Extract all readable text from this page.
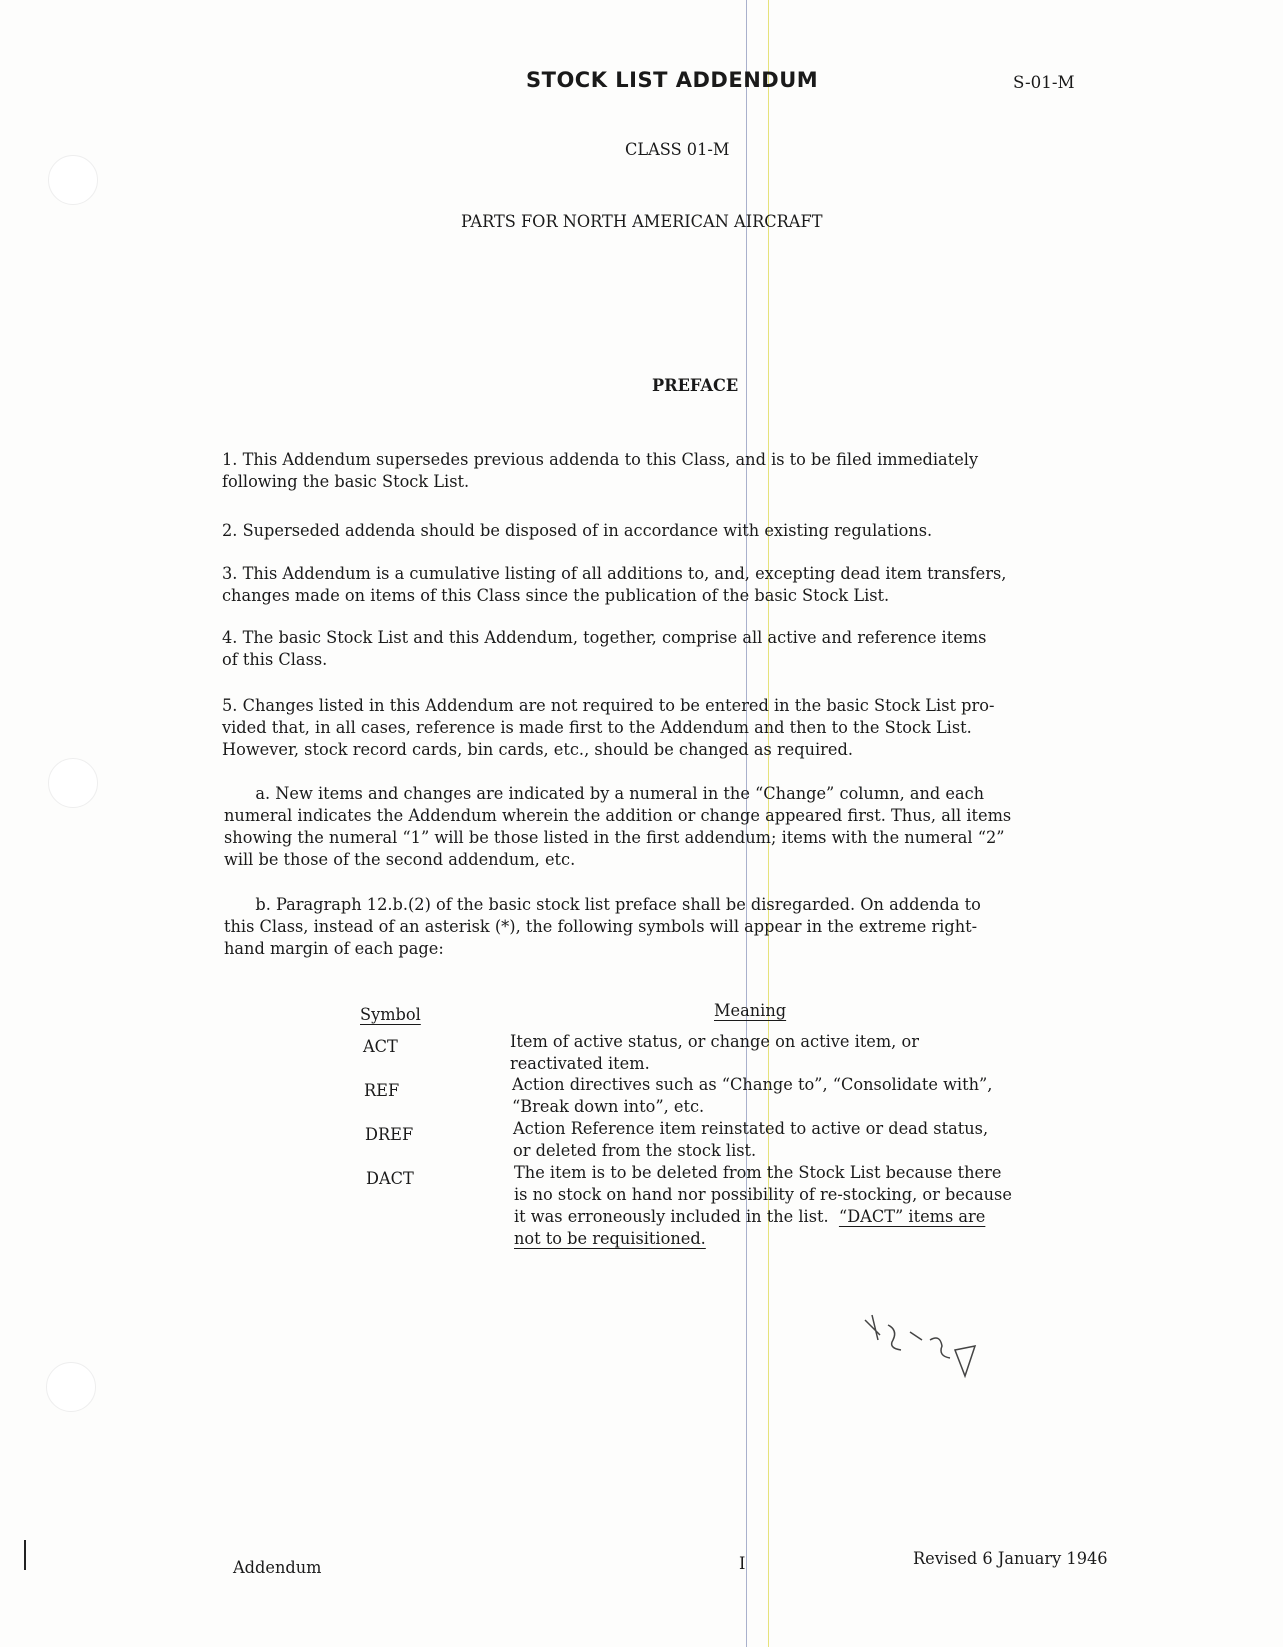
STOCK LIST ADDENDUM	S-01-M
CLASS 01-M
PARTS FOR NORTH AMERICAN AIRCRAFT
PREFACE
1. This Addendum supersedes previous addenda to this Class, and is to be filed immediately
following the basic Stock List.
2. Superseded addenda should be disposed of in accordance with existing regulations.
3. This Addendum is a cumulative listing of all additions to, and, excepting dead item transfers,
changes made on items of this Class since the publication of the basic Stock List.
4. The basic Stock List and this Addendum, together, comprise all active and reference items
of this Class.
5. Changes listed in this Addendum are not required to be entered in the basic Stock List pro-
vided that, in all cases, reference is made first to the Addendum and then to the Stock List.
However, stock record cards, bin cards, etc., should be changed as required.
a. New items and changes are indicated by a numeral in the “Change” column, and each
numeral indicates the Addendum wherein the addition or change appeared first. Thus, all items
showing the numeral “1” will be those listed in the first addendum; items with the numeral “2”
will be those of the second addendum, etc.
b. Paragraph 12.b.(2) of the basic stock list preface shall be disregarded. On addenda to
this Class, instead of an asterisk (*), the following symbols will appear in the extreme right-
hand margin of each page:
Symbol	Meaning
ACT	Item of active status, or change on active item, or
reactivated item.
REF	Action directives such as “Change to”, “Consolidate with”,
“Break down into”, etc.
DREF	Action Reference item reinstated to active or dead status,
or deleted from the stock list.
DACT	The item is to be deleted from the Stock List because there
is no stock on hand nor possibility of re-stocking, or because
it was erroneously included in the list. “DACT” items are
not to be requisitioned.
Addendum	I	Revised 6 January 1946
